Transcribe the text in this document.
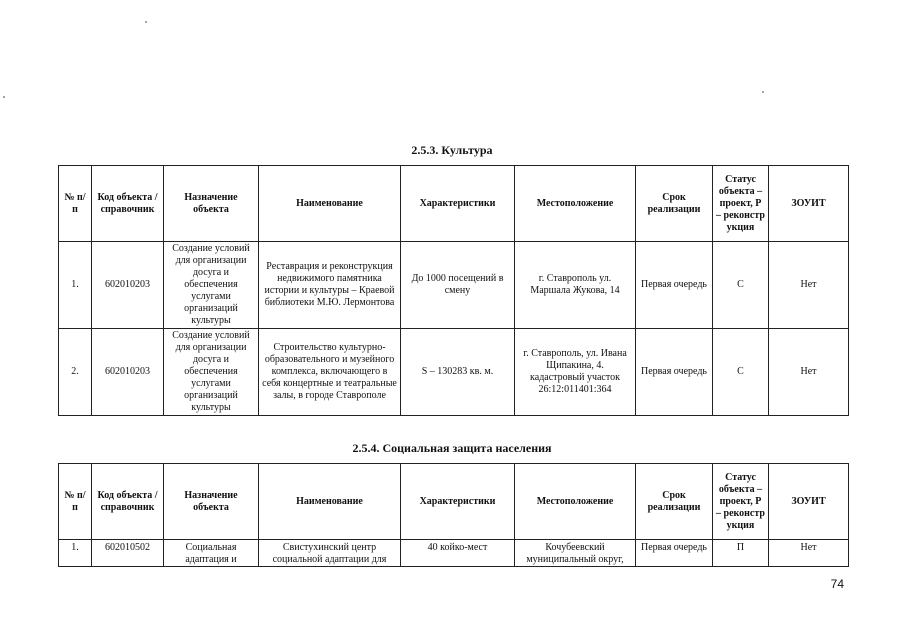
2.5.3. Культура
№ п/п	Код объекта / справочник	Назначение объекта	Наименование	Характеристики	Местоположение	Срок реализации	Статус объекта – проект, Р – реконстр укция	ЗОУИТ
1.	602010203	Создание условий для организации досуга и обеспечения услугами организаций культуры	Реставрация и реконструкция недвижимого памятника истории и культуры – Краевой библиотеки М.Ю. Лермонтова	До 1000 посещений в смену	г. Ставрополь ул. Маршала Жукова, 14	Первая очередь	С	Нет
2.	602010203	Создание условий для организации досуга и обеспечения услугами организаций культуры	Строительство культурно-образовательного и музейного комплекса, включающего в себя концертные и театральные залы, в городе Ставрополе	S – 130283 кв. м.	г. Ставрополь, ул. Ивана Щипакина, 4. кадастровый участок 26:12:011401:364	Первая очередь	С	Нет
2.5.4. Социальная защита населения
№ п/п	Код объекта / справочник	Назначение объекта	Наименование	Характеристики	Местоположение	Срок реализации	Статус объекта – проект, Р – реконстр укция	ЗОУИТ
1.	602010502	Социальная адаптация и	Свистухинский центр социальной адаптации для	40 койко-мест	Кочубеевский муниципальный округ,	Первая очередь	П	Нет
74
